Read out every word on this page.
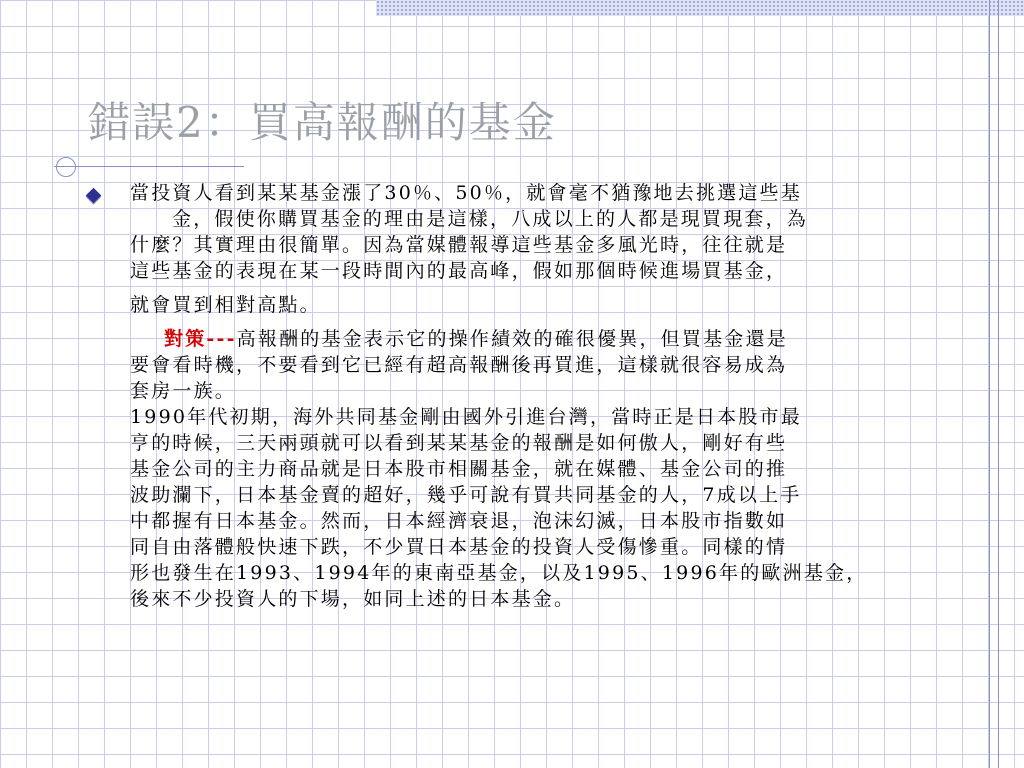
錯誤2：買高報酬的基金
當投資人看到某某基金漲了30％、50％，就會毫不猶豫地去挑選這些基
金，假使你購買基金的理由是這樣，八成以上的人都是現買現套，為
什麼？其實理由很簡單。因為當媒體報導這些基金多風光時，往往就是
這些基金的表現在某一段時間內的最高峰，假如那個時候進場買基金，
就會買到相對高點。
對策---高報酬的基金表示它的操作績效的確很優異，但買基金還是
要會看時機，不要看到它已經有超高報酬後再買進，這樣就很容易成為
套房一族。
1990年代初期，海外共同基金剛由國外引進台灣，當時正是日本股市最
亨的時候，三天兩頭就可以看到某某基金的報酬是如何傲人，剛好有些
基金公司的主力商品就是日本股市相關基金，就在媒體、基金公司的推
波助瀾下，日本基金賣的超好，幾乎可說有買共同基金的人，7成以上手
中都握有日本基金。然而，日本經濟衰退，泡沫幻滅，日本股市指數如
同自由落體般快速下跌，不少買日本基金的投資人受傷慘重。同樣的情
形也發生在1993、1994年的東南亞基金，以及1995、1996年的歐洲基金，
後來不少投資人的下場，如同上述的日本基金。
